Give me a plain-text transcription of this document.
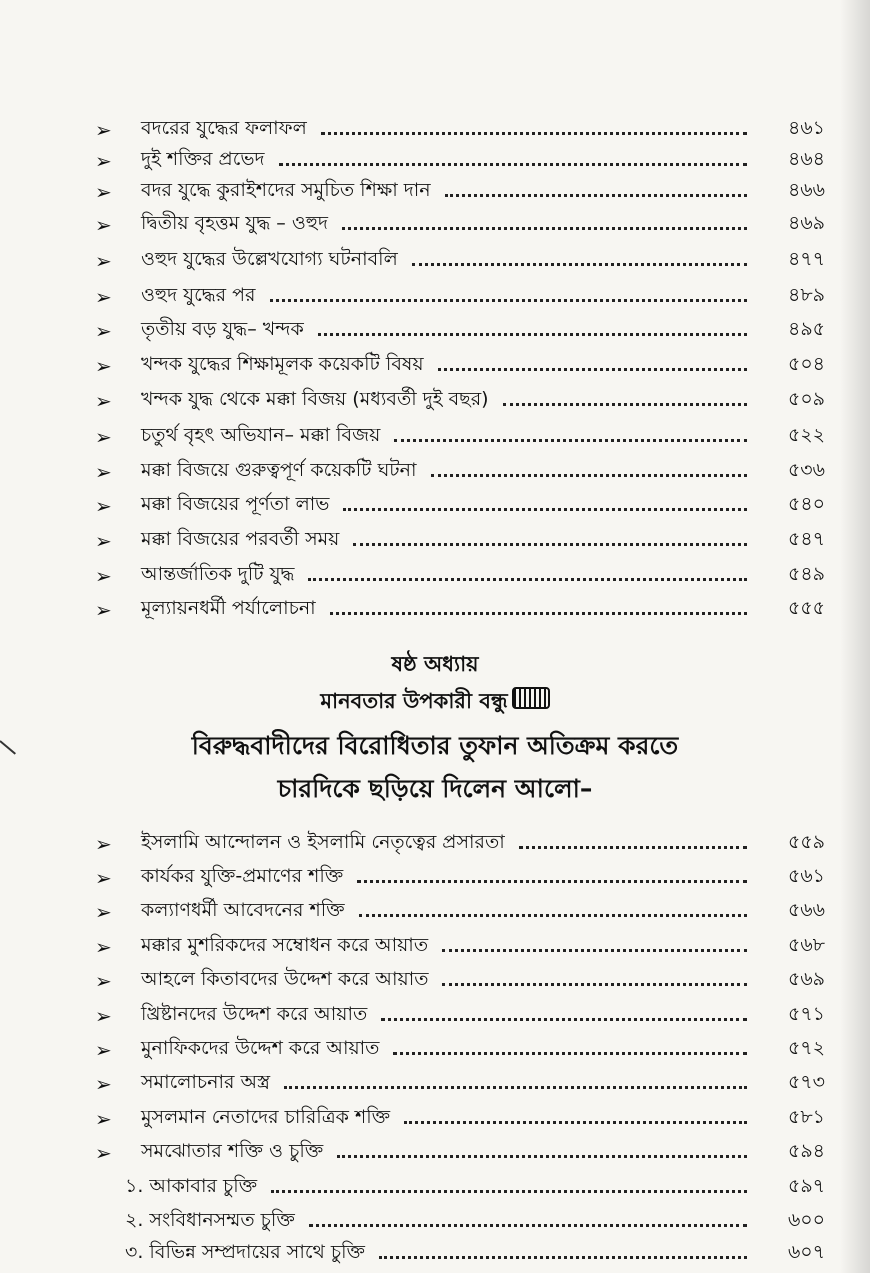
➢	বদরের যুদ্ধের ফলাফল	৪৬১
➢	দুই শক্তির প্রভেদ	৪৬৪
➢	বদর যুদ্ধে কুরাইশদের সমুচিত শিক্ষা দান	৪৬৬
➢	দ্বিতীয় বৃহত্তম যুদ্ধ – ওহুদ	৪৬৯
➢	ওহুদ যুদ্ধের উল্লেখযোগ্য ঘটনাবলি	৪৭৭
➢	ওহুদ যুদ্ধের পর	৪৮৯
➢	তৃতীয় বড় যুদ্ধ– খন্দক	৪৯৫
➢	খন্দক যুদ্ধের শিক্ষামূলক কয়েকটি বিষয়	৫০৪
➢	খন্দক যুদ্ধ থেকে মক্কা বিজয় (মধ্যবর্তী দুই বছর)	৫০৯
➢	চতুর্থ বৃহৎ অভিযান– মক্কা বিজয়	৫২২
➢	মক্কা বিজয়ে গুরুত্বপূর্ণ কয়েকটি ঘটনা	৫৩৬
➢	মক্কা বিজয়ের পূর্ণতা লাভ	৫৪০
➢	মক্কা বিজয়ের পরবর্তী সময়	৫৪৭
➢	আন্তর্জাতিক দুটি যুদ্ধ	৫৪৯
➢	মূল্যায়নধর্মী পর্যালোচনা	৫৫৫
ষষ্ঠ অধ্যায়
মানবতার উপকারী বন্ধু
বিরুদ্ধবাদীদের বিরোধিতার তুফান অতিক্রম করতে
চারদিকে ছড়িয়ে দিলেন আলো–
➢	ইসলামি আন্দোলন ও ইসলামি নেতৃত্বের প্রসারতা	৫৫৯
➢	কার্যকর যুক্তি-প্রমাণের শক্তি	৫৬১
➢	কল্যাণধর্মী আবেদনের শক্তি	৫৬৬
➢	মক্কার মুশরিকদের সম্বোধন করে আয়াত	৫৬৮
➢	আহলে কিতাবদের উদ্দেশ করে আয়াত	৫৬৯
➢	খ্রিষ্টানদের উদ্দেশ করে আয়াত	৫৭১
➢	মুনাফিকদের উদ্দেশ করে আয়াত	৫৭২
➢	সমালোচনার অস্ত্র	৫৭৩
➢	মুসলমান নেতাদের চারিত্রিক শক্তি	৫৮১
➢	সমঝোতার শক্তি ও চুক্তি	৫৯৪
১. আকাবার চুক্তি	৫৯৭
২. সংবিধানসম্মত চুক্তি	৬০০
৩. বিভিন্ন সম্প্রদায়ের সাথে চুক্তি	৬০৭
